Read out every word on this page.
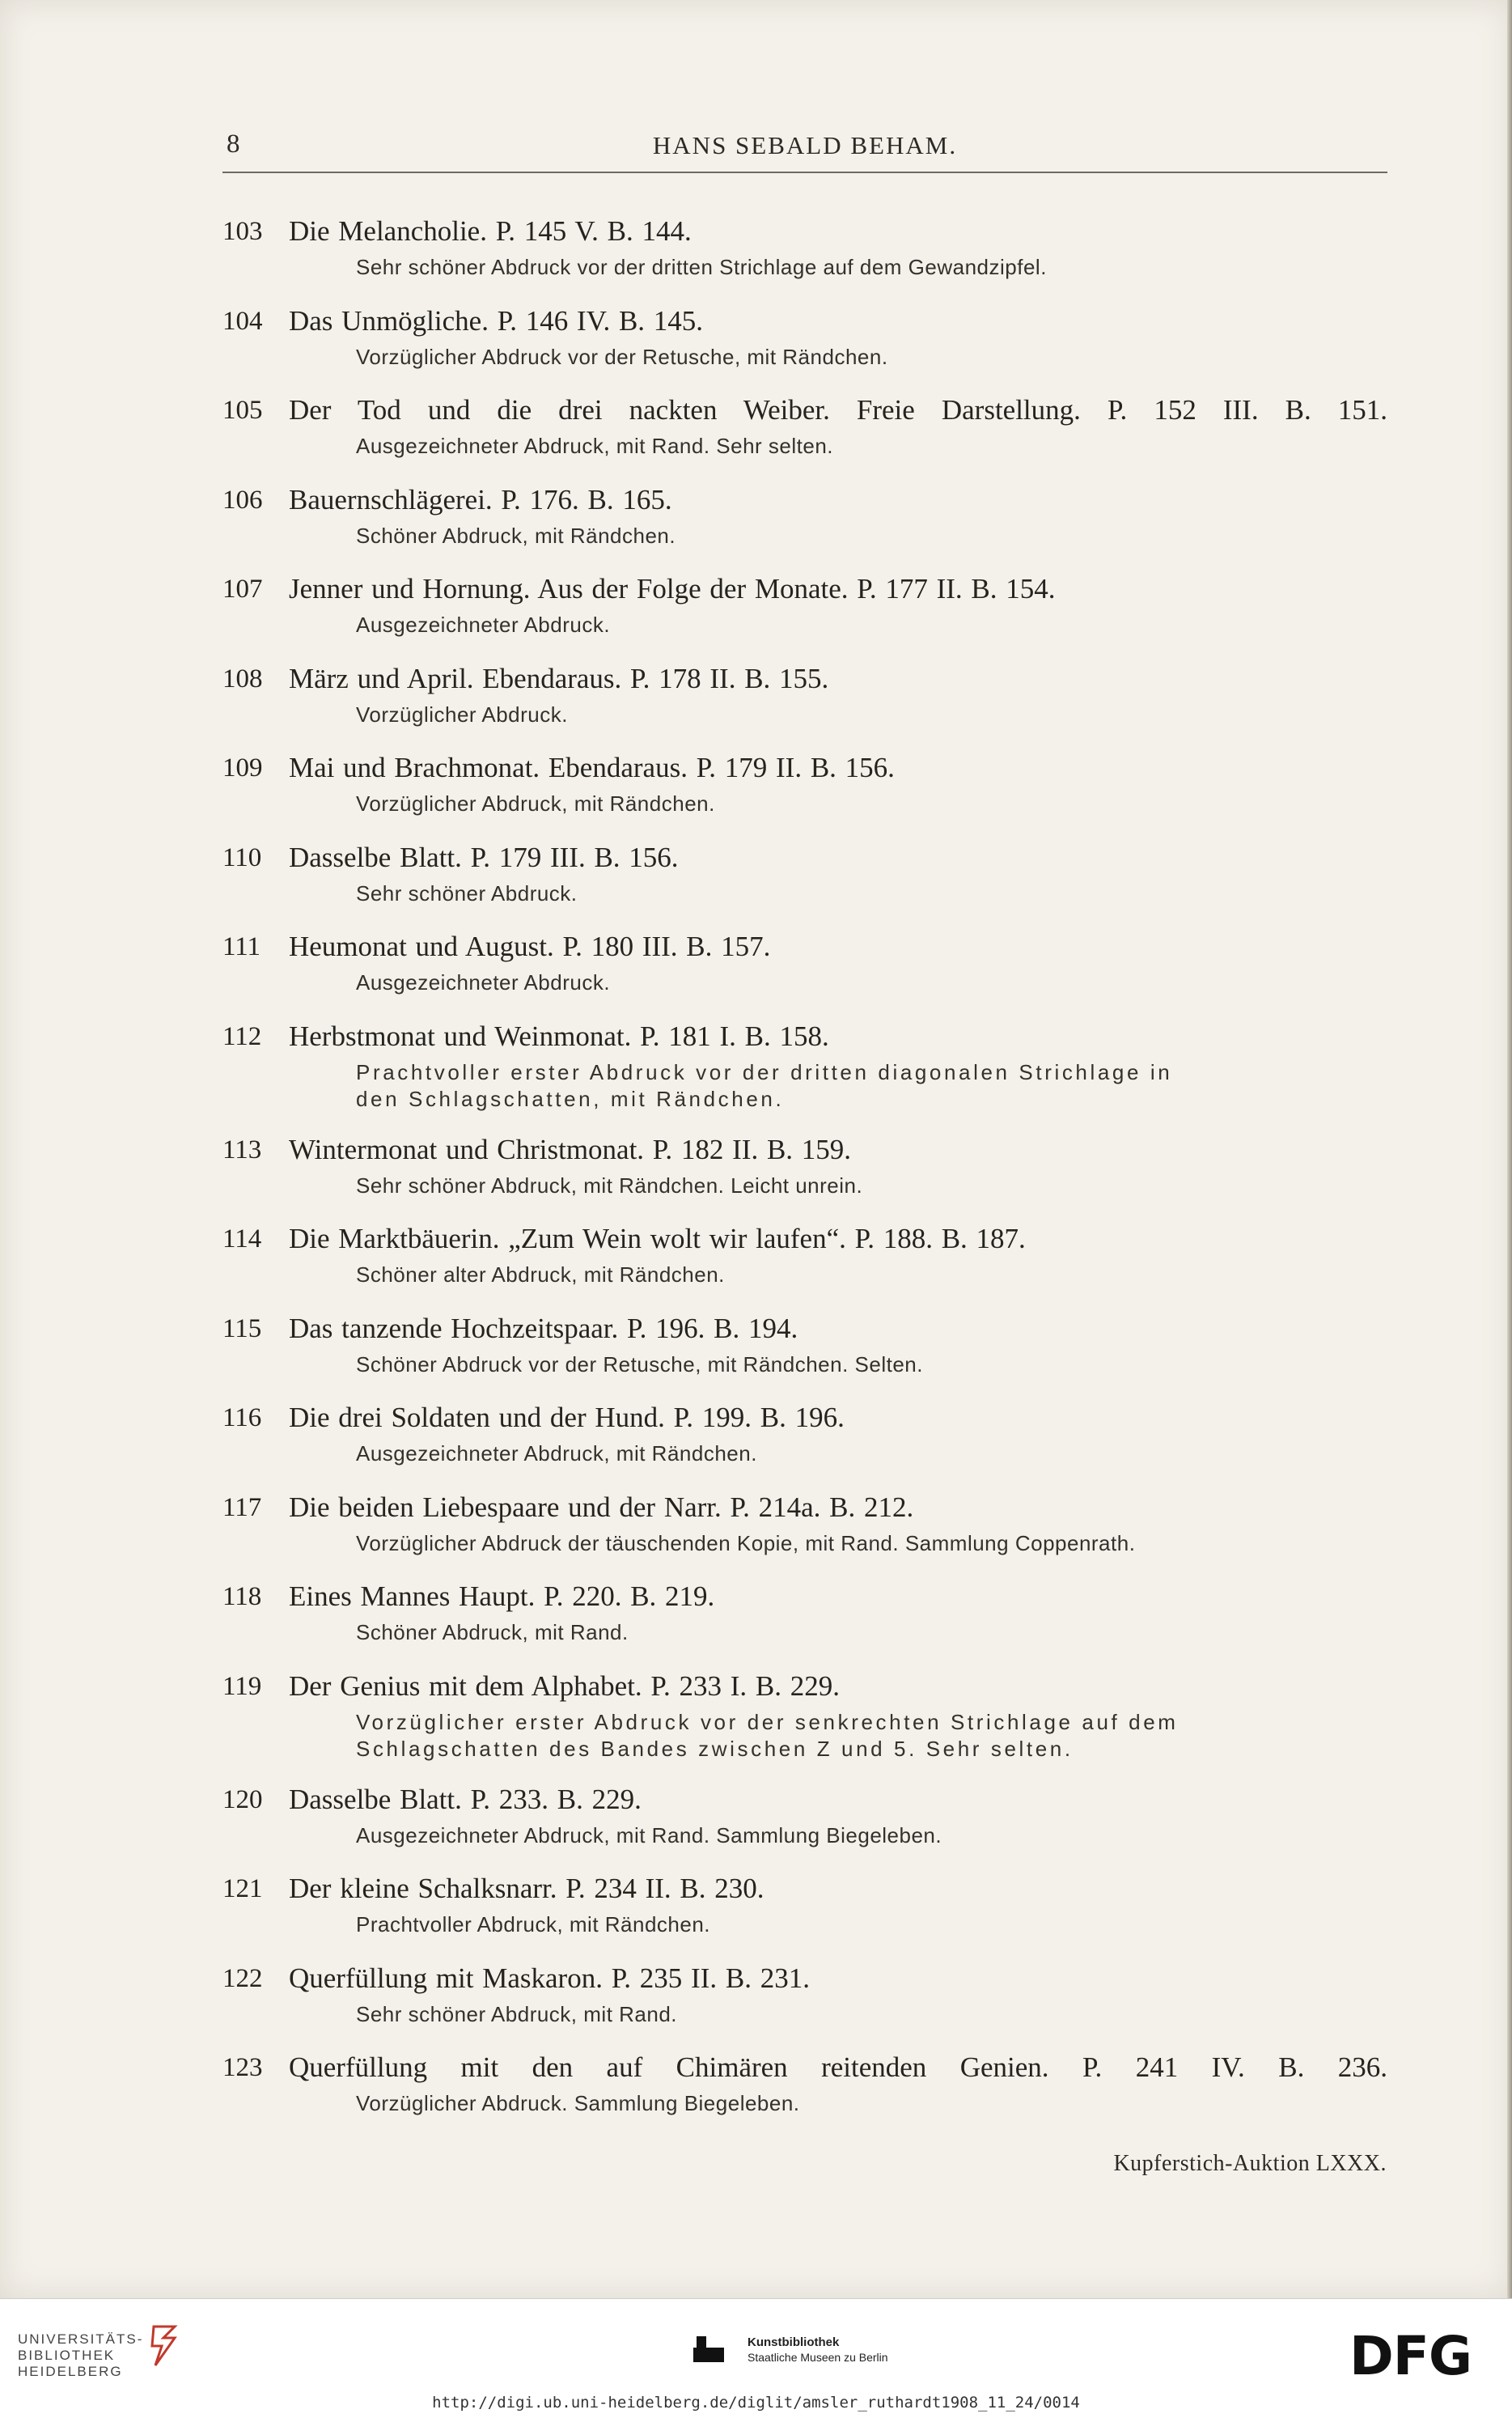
8	HANS SEBALD BEHAM.
103 Die Melancholie. P. 145 V. B. 144.
Sehr schöner Abdruck vor der dritten Strichlage auf dem Gewandzipfel.
104 Das Unmögliche. P. 146 IV. B. 145.
Vorzüglicher Abdruck vor der Retusche, mit Rändchen.
105 Der Tod und die drei nackten Weiber. Freie Darstellung. P. 152 III. B. 151.
Ausgezeichneter Abdruck, mit Rand. Sehr selten.
106 Bauernschlägerei. P. 176. B. 165.
Schöner Abdruck, mit Rändchen.
107 Jenner und Hornung. Aus der Folge der Monate. P. 177 II. B. 154.
Ausgezeichneter Abdruck.
108 März und April. Ebendaraus. P. 178 II. B. 155.
Vorzüglicher Abdruck.
109 Mai und Brachmonat. Ebendaraus. P. 179 II. B. 156.
Vorzüglicher Abdruck, mit Rändchen.
110 Dasselbe Blatt. P. 179 III. B. 156.
Sehr schöner Abdruck.
111 Heumonat und August. P. 180 III. B. 157.
Ausgezeichneter Abdruck.
112 Herbstmonat und Weinmonat. P. 181 I. B. 158.
Prachtvoller erster Abdruck vor der dritten diagonalen Strichlage in
den Schlagschatten, mit Rändchen.
113 Wintermonat und Christmonat. P. 182 II. B. 159.
Sehr schöner Abdruck, mit Rändchen. Leicht unrein.
114 Die Marktbäuerin. „Zum Wein wolt wir laufen“. P. 188. B. 187.
Schöner alter Abdruck, mit Rändchen.
115 Das tanzende Hochzeitspaar. P. 196. B. 194.
Schöner Abdruck vor der Retusche, mit Rändchen. Selten.
116 Die drei Soldaten und der Hund. P. 199. B. 196.
Ausgezeichneter Abdruck, mit Rändchen.
117 Die beiden Liebespaare und der Narr. P. 214a. B. 212.
Vorzüglicher Abdruck der täuschenden Kopie, mit Rand. Sammlung Coppenrath.
118 Eines Mannes Haupt. P. 220. B. 219.
Schöner Abdruck, mit Rand.
119 Der Genius mit dem Alphabet. P. 233 I. B. 229.
Vorzüglicher erster Abdruck vor der senkrechten Strichlage auf dem
Schlagschatten des Bandes zwischen Z und 5. Sehr selten.
120 Dasselbe Blatt. P. 233. B. 229.
Ausgezeichneter Abdruck, mit Rand. Sammlung Biegeleben.
121 Der kleine Schalksnarr. P. 234 II. B. 230.
Prachtvoller Abdruck, mit Rändchen.
122 Querfüllung mit Maskaron. P. 235 II. B. 231.
Sehr schöner Abdruck, mit Rand.
123 Querfüllung mit den auf Chimären reitenden Genien. P. 241 IV. B. 236.
Vorzüglicher Abdruck. Sammlung Biegeleben.
Kupferstich-Auktion LXXX.
UNIVERSITÄTS-
BIBLIOTHEK
HEIDELBERG
Kunstbibliothek
Staatliche Museen zu Berlin	DFG
http://digi.ub.uni-heidelberg.de/diglit/amsler_ruthardt1908_11_24/0014
